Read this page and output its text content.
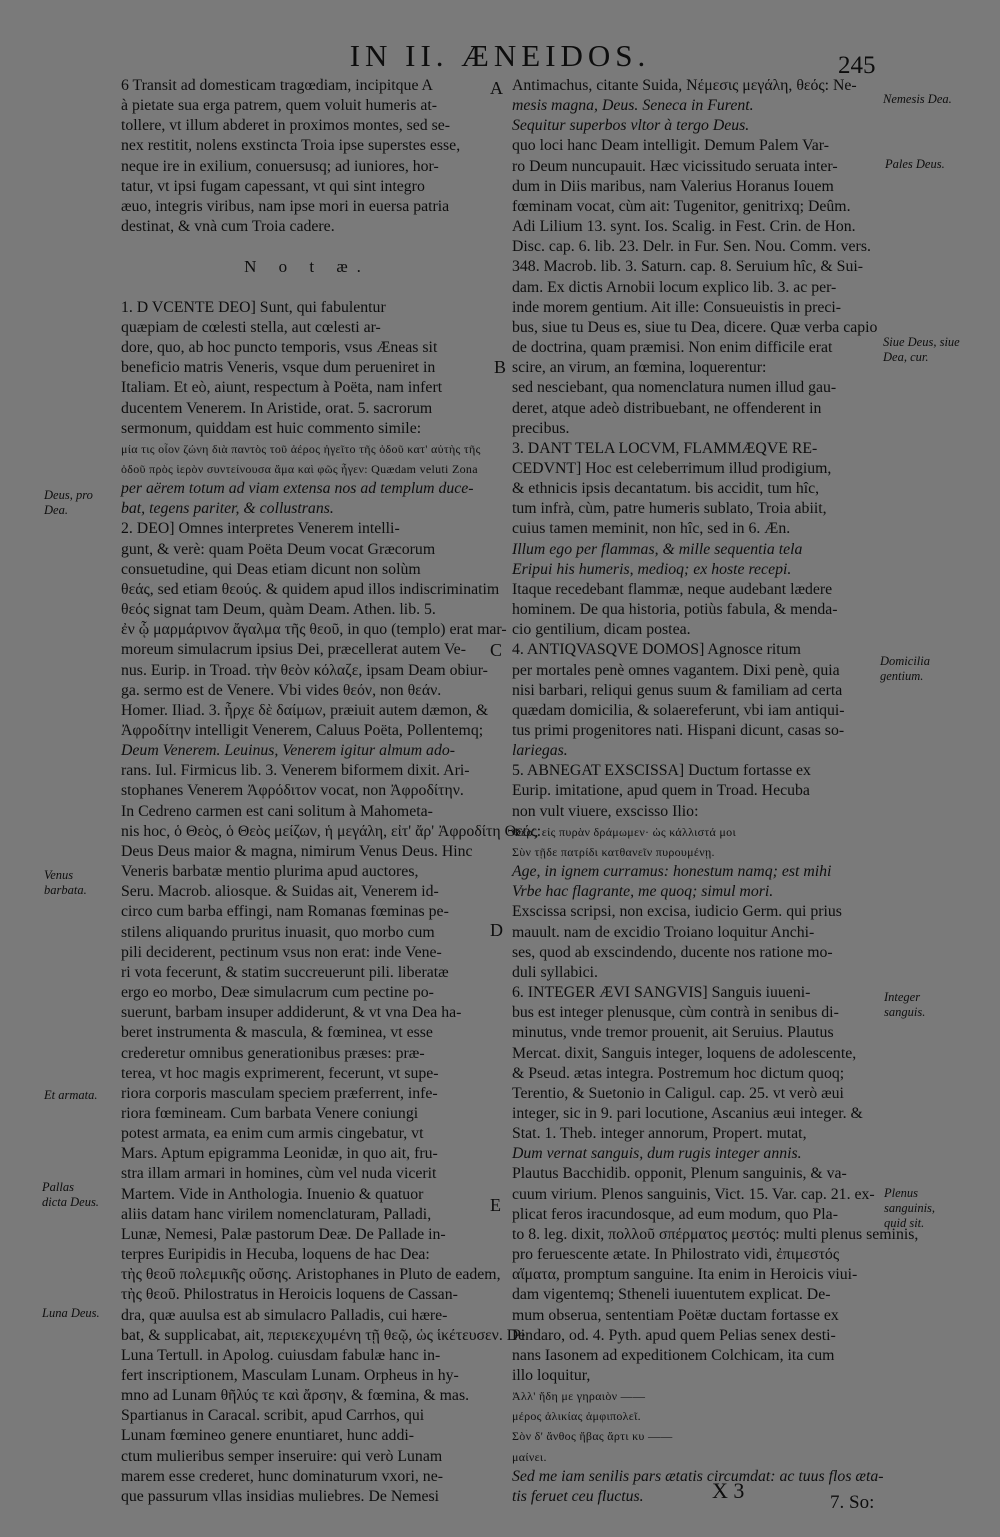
IN II. ÆNEIDOS.	245

6 Transit ad domesticam tragœdiam, incipitque A

à pietate sua erga patrem, quem voluit humeris at-

tollere, vt illum abderet in proximos montes, sed se-

nex restitit, nolens exstincta Troia ipse superstes esse,

neque ire in exilium, conuersusq; ad iuniores, hor-

tatur, vt ipsi fugam capessant, vt qui sint integro

æuo, integris viribus, nam ipse mori in euersa patria

destinat, & vnà cum Troia cadere.

N o t æ.

1. D VCENTE DEO] Sunt, qui fabulentur

quæpiam de cœlesti stella, aut cœlesti ar-

dore, quo, ab hoc puncto temporis, vsus Æneas sit

beneficio matris Veneris, vsque dum perueniret in

Italiam. Et eò, aiunt, respectum à Poëta, nam infert

ducentem Venerem. In Aristide, orat. 5. sacrorum

sermonum, quiddam est huic commento simile:

μία τις οἷον ζώνη διὰ παντὸς τοῦ ἀέρος ἠγεῖτο τῆς ὁδοῦ κατ' αὐτὴς τῆς

ὁδοῦ πρὸς ἱερὸν συντείνουσα ἅμα καὶ φῶς ἦγεν: Quædam veluti Zona

per aërem totum ad viam extensa nos ad templum duce-

bat, tegens pariter, & collustrans.

2. DEO] Omnes interpretes Venerem intelli-

gunt, & verè: quam Poëta Deum vocat Græcorum

consuetudine, qui Deas etiam dicunt non solùm

θεάς, sed etiam θεούς. & quidem apud illos indiscriminatim

θεός signat tam Deum, quàm Deam. Athen. lib. 5.

ἐν ᾧ μαρμάρινον ἄγαλμα τῆς θεοῦ, in quo (templo) erat mar-

moreum simulacrum ipsius Dei, præcellerat autem Ve-

nus. Eurip. in Troad. τὴν θεὸν κόλαζε, ipsam Deam obiur-

ga. sermo est de Venere. Vbi vides θεόν, non θεάν.

Homer. Iliad. 3. ἦρχε δὲ δαίμων, præiuit autem dæmon, &

Ἀφροδίτην intelligit Venerem, Caluus Poëta, Pollentemq;

Deum Venerem. Leuinus, Venerem igitur almum ado-

rans. Iul. Firmicus lib. 3. Venerem biformem dixit. Ari-

stophanes Venerem Ἀφρόδιτον vocat, non Ἀφροδίτην.

In Cedreno carmen est cani solitum à Mahometa-

nis hoc, ὁ Θεὸς, ὁ Θεὸς μείζων, ἡ μεγάλη, εἰτ' ἄρ' Ἀφροδίτη Θεός:

Deus Deus maior & magna, nimirum Venus Deus. Hinc

Veneris barbatæ mentio plurima apud auctores,

Seru. Macrob. aliosque. & Suidas ait, Venerem id-

circo cum barba effingi, nam Romanas fœminas pe-

stilens aliquando pruritus inuasit, quo morbo cum

pili deciderent, pectinum vsus non erat: inde Vene-

ri vota fecerunt, & statim succreuerunt pili. liberatæ

ergo eo morbo, Deæ simulacrum cum pectine po-

suerunt, barbam insuper addiderunt, & vt vna Dea ha-

beret instrumenta & mascula, & fœminea, vt esse

crederetur omnibus generationibus præses: præ-

terea, vt hoc magis exprimerent, fecerunt, vt supe-

riora corporis masculam speciem præferrent, infe-

riora fœmineam. Cum barbata Venere coniungi

potest armata, ea enim cum armis cingebatur, vt

Mars. Aptum epigramma Leonidæ, in quo ait, fru-

stra illam armari in homines, cùm vel nuda vicerit

Martem. Vide in Anthologia. Inuenio & quatuor

aliis datam hanc virilem nomenclaturam, Palladi,

Lunæ, Nemesi, Palæ pastorum Deæ. De Pallade in-

terpres Euripidis in Hecuba, loquens de hac Dea:

τὴς θεοῦ πολεμικῆς οὔσης. Aristophanes in Pluto de eadem,

τὴς θεοῦ. Philostratus in Heroicis loquens de Cassan-

dra, quæ auulsa est ab simulacro Palladis, cui hære-

bat, & supplicabat, ait, περιεκεχυμένη τῇ θεῷ, ὡς ἱκέτευσεν. De

Luna Tertull. in Apolog. cuiusdam fabulæ hanc in-

fert inscriptionem, Masculam Lunam. Orpheus in hy-

mno ad Lunam θῆλύς τε καὶ ἄρσην, & fœmina, & mas.

Spartianus in Caracal. scribit, apud Carrhos, qui

Lunam fœmineo genere enuntiaret, hunc addi-

ctum mulieribus semper inseruire: qui verò Lunam

marem esse crederet, hunc dominaturum vxori, ne-

que passurum vllas insidias muliebres. De Nemesi

Antimachus, citante Suida, Νέμεσις μεγάλη, θεός: Ne-

mesis magna, Deus. Seneca in Furent.

Sequitur superbos vltor à tergo Deus.

quo loci hanc Deam intelligit. Demum Palem Var-

ro Deum nuncupauit. Hæc vicissitudo seruata inter-

dum in Diis maribus, nam Valerius Horanus Iouem

fœminam vocat, cùm ait: Tugenitor, genitrixq; Deûm.

Adi Lilium 13. synt. Ios. Scalig. in Fest. Crin. de Hon.

Disc. cap. 6. lib. 23. Delr. in Fur. Sen. Nou. Comm. vers.

348. Macrob. lib. 3. Saturn. cap. 8. Seruium hîc, & Sui-

dam. Ex dictis Arnobii locum explico lib. 3. ac per-

inde morem gentium. Ait ille: Consueuistis in preci-

bus, siue tu Deus es, siue tu Dea, dicere. Quæ verba capio

de doctrina, quam præmisi. Non enim difficile erat

scire, an virum, an fœmina, loquerentur:

sed nesciebant, qua nomenclatura numen illud gau-

deret, atque adeò distribuebant, ne offenderent in

precibus.

3. DANT TELA LOCVM, FLAMMÆQVE RE-

CEDVNT] Hoc est celeberrimum illud prodigium,

& ethnicis ipsis decantatum. bis accidit, tum hîc,

tum infrà, cùm, patre humeris sublato, Troia abiit,

cuius tamen meminit, non hîc, sed in 6. Æn.

Illum ego per flammas, & mille sequentia tela

Eripui his humeris, medioq; ex hoste recepi.

Itaque recedebant flammæ, neque audebant lædere

hominem. De qua historia, potiùs fabula, & menda-

cio gentilium, dicam postea.

4. ANTIQVASQVE DOMOS] Agnosce ritum

per mortales penè omnes vagantem. Dixi penè, quia

nisi barbari, reliqui genus suum & familiam ad certa

quædam domicilia, & solaereferunt, vbi iam antiqui-

tus primi progenitores nati. Hispani dicunt, casas so-

lariegas.

5. ABNEGAT EXSCISSA] Ductum fortasse ex

Eurip. imitatione, apud quem in Troad. Hecuba

non vult viuere, exscisso Ilio:

Φέρ', εἰς πυρὰν δράμωμεν· ὡς κάλλιστά μοι

Σὺν τῇδε πατρίδι κατθανεῖν πυρουμένῃ.

Age, in ignem curramus: honestum namq; est mihi

Vrbe hac flagrante, me quoq; simul mori.

Exscissa scripsi, non excisa, iudicio Germ. qui prius

mauult. nam de excidio Troiano loquitur Anchi-

ses, quod ab exscindendo, ducente nos ratione mo-

duli syllabici.

6. INTEGER ÆVI SANGVIS] Sanguis iuueni-

bus est integer plenusque, cùm contrà in senibus di-

minutus, vnde tremor prouenit, ait Seruius. Plautus

Mercat. dixit, Sanguis integer, loquens de adolescente,

& Pseud. ætas integra. Postremum hoc dictum quoq;

Terentio, & Suetonio in Caligul. cap. 25. vt verò æui

integer, sic in 9. pari locutione, Ascanius æui integer. &

Stat. 1. Theb. integer annorum, Propert. mutat,

Dum vernat sanguis, dum rugis integer annis.

Plautus Bacchidib. opponit, Plenum sanguinis, & va-

cuum virium. Plenos sanguinis, Vict. 15. Var. cap. 21. ex-

plicat feros iracundosque, ad eum modum, quo Pla-

to 8. leg. dixit, πολλοῦ σπέρματος μεστός: multi plenus seminis,

pro feruescente ætate. In Philostrato vidi, ἐπιμεστός

αἵματα, promptum sanguine. Ita enim in Heroicis viui-

dam vigentemq; Stheneli iuuentutem explicat. De-

mum obserua, sententiam Poëtæ ductam fortasse ex

Pindaro, od. 4. Pyth. apud quem Pelias senex desti-

nans Iasonem ad expeditionem Colchicam, ita cum

illo loquitur,

Ἀλλ' ἤδη με γηραιὸν ——

μέρος ἀλικίας ἀμφιπολεῖ.

Σὸν δ' ἄνθος ἥβας ἄρτι κυ ——

μαίνει.

Sed me iam senilis pars ætatis circumdat: ac tuus flos æta-

tis feruet ceu fluctus.

A
B
C
D
E
Nemesis Dea.
Pales Deus.
Siue Deus, siue Dea, cur.
Deus, pro Dea.
Domicilia gentium.
Venus barbata.
Integer sanguis.
Et armata.
Pallas dicta Deus.
Plenus sanguinis, quid sit.
Luna Deus.
X 3	7. So:
